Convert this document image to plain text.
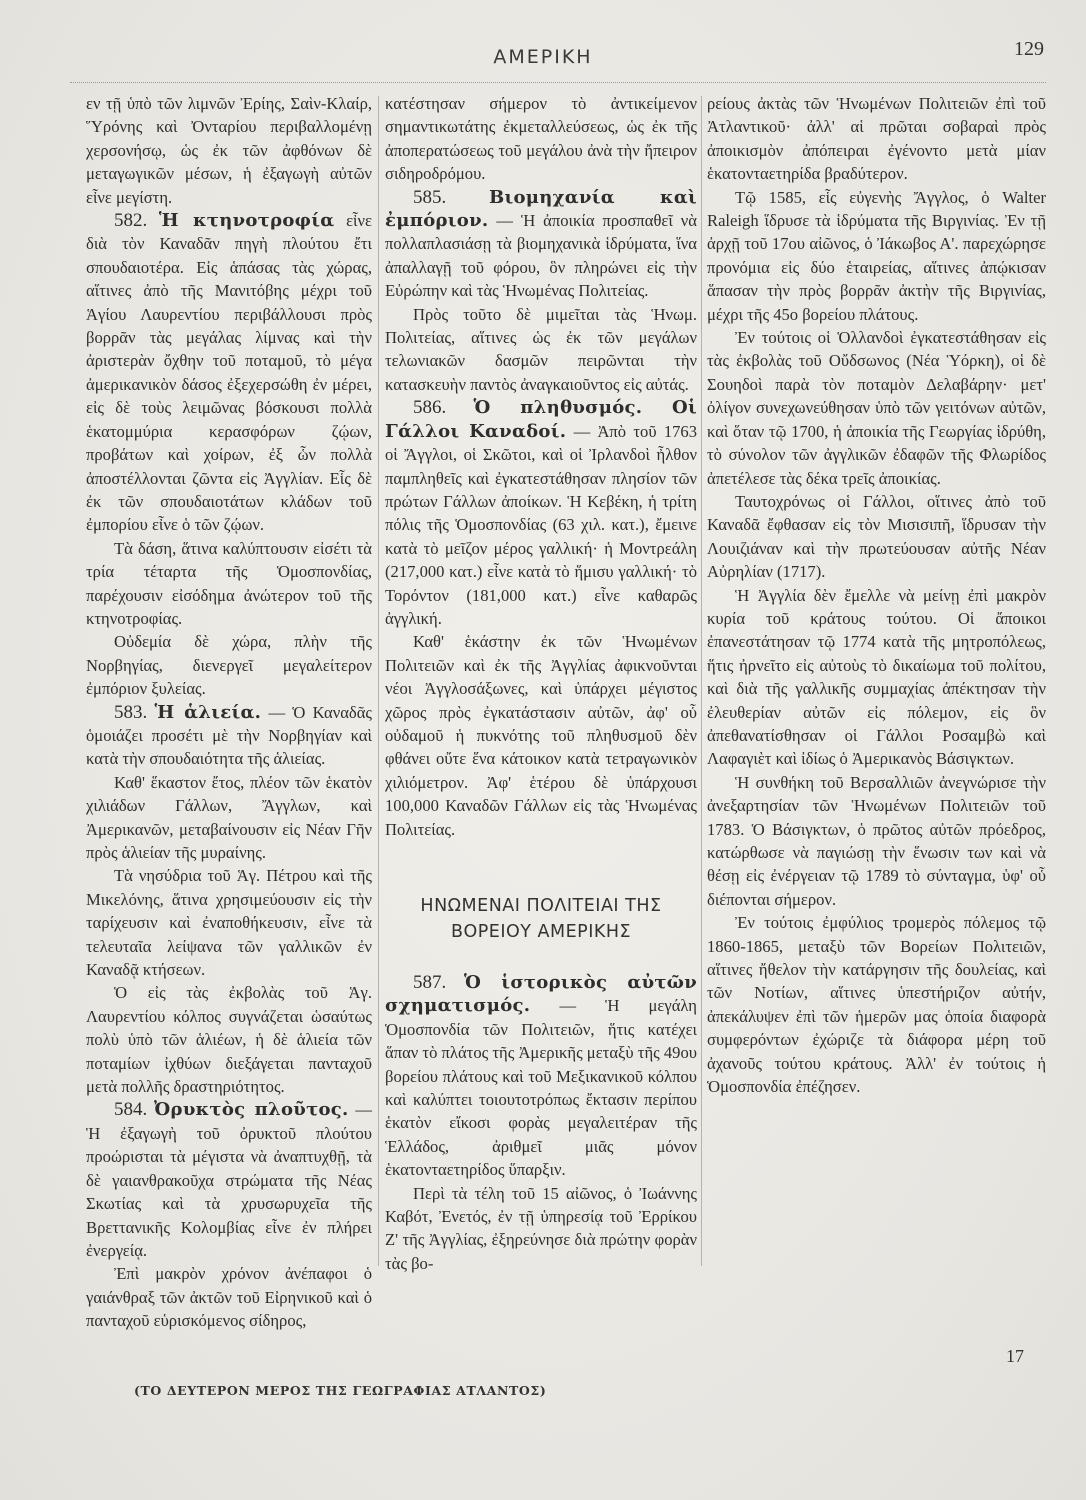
ΑΜΕΡΙΚΗ	129

εν τῇ ὑπὸ τῶν λιμνῶν Ἐρίης, Σαὶν-Κλαίρ, Ὕρόνης καὶ Ὀνταρίου περιβαλλομένῃ χερσονήσῳ, ὡς ἐκ τῶν ἀφθόνων δὲ μεταγωγικῶν μέσων, ἡ ἐξαγωγὴ αὐτῶν εἶνε μεγίστη.

582. Ἡ κτηνοτροφία εἶνε διὰ τὸν Καναδᾶν πηγὴ πλούτου ἔτι σπουδαιοτέρα. Εἰς ἁπάσας τὰς χώρας, αἵτινες ἀπὸ τῆς Μανιτόβης μέχρι τοῦ Ἁγίου Λαυρεντίου περιβάλλουσι πρὸς βορρᾶν τὰς μεγάλας λίμνας καὶ τὴν ἀριστερὰν ὄχθην τοῦ ποταμοῦ, τὸ μέγα ἀμερικανικὸν δάσος ἐξεχερσώθη ἐν μέρει, εἰς δὲ τοὺς λειμῶνας βόσκουσι πολλὰ ἑκατομμύρια κερασφόρων ζῴων, προβάτων καὶ χοίρων, ἐξ ὧν πολλὰ ἀποστέλλονται ζῶντα εἰς Ἀγγλίαν. Εἷς δὲ ἐκ τῶν σπουδαιοτάτων κλάδων τοῦ ἐμπορίου εἶνε ὁ τῶν ζῴων.

Τὰ δάση, ἅτινα καλύπτουσιν εἰσέτι τὰ τρία τέταρτα τῆς Ὁμοσπονδίας, παρέχουσιν εἰσόδημα ἀνώτερον τοῦ τῆς κτηνοτροφίας.

Οὐδεμία δὲ χώρα, πλὴν τῆς Νορβηγίας, διενεργεῖ μεγαλείτερον ἐμπόριον ξυλείας.

583. Ἡ ἁλιεία. — Ὁ Καναδᾶς ὁμοιάζει προσέτι μὲ τὴν Νορβηγίαν καὶ κατὰ τὴν σπουδαιότητα τῆς ἁλιείας.

Καθ' ἕκαστον ἔτος, πλέον τῶν ἑκατὸν χιλιάδων Γάλλων, Ἄγγλων, καὶ Ἀμερικανῶν, μεταβαίνουσιν εἰς Νέαν Γῆν πρὸς ἁλιείαν τῆς μυραίνης.

Τὰ νησύδρια τοῦ Ἁγ. Πέτρου καὶ τῆς Μικελόνης, ἅτινα χρησιμεύουσιν εἰς τὴν ταρίχευσιν καὶ ἐναποθήκευσιν, εἶνε τὰ τελευταῖα λείψανα τῶν γαλλικῶν ἐν Καναδᾷ κτήσεων.

Ὁ εἰς τὰς ἐκβολὰς τοῦ Ἁγ. Λαυρεντίου κόλπος συγνάζεται ὡσαύτως πολὺ ὑπὸ τῶν ἁλιέων, ἡ δὲ ἁλιεία τῶν ποταμίων ἰχθύων διεξάγεται πανταχοῦ μετὰ πολλῆς δραστηριότητος.

584. Ὀρυκτὸς πλοῦτος. — Ἡ ἐξαγωγὴ τοῦ ὀρυκτοῦ πλούτου προώρισται τὰ μέγιστα νὰ ἀναπτυχθῇ, τὰ δὲ γαιανθρακοῦχα στρώματα τῆς Νέας Σκωτίας καὶ τὰ χρυσωρυχεῖα τῆς Βρεττανικῆς Κολομβίας εἶνε ἐν πλήρει ἐνεργείᾳ.

Ἐπὶ μακρὸν χρόνον ἀνέπαφοι ὁ γαιάνθραξ τῶν ἀκτῶν τοῦ Εἰρηνικοῦ καὶ ὁ πανταχοῦ εὑρισκόμενος σίδηρος,

κατέστησαν σήμερον τὸ ἀντικείμενον σημαντικωτάτης ἐκμεταλλεύσεως, ὡς ἐκ τῆς ἀποπερατώσεως τοῦ μεγάλου ἀνὰ τὴν ἤπειρον σιδηροδρόμου.

585. Βιομηχανία καὶ ἐμπόριον. — Ἡ ἀποικία προσπαθεῖ νὰ πολλαπλασιάσῃ τὰ βιομηχανικὰ ἱδρύματα, ἵνα ἀπαλλαγῇ τοῦ φόρου, ὃν πληρώνει εἰς τὴν Εὐρώπην καὶ τὰς Ἡνωμένας Πολιτείας.

Πρὸς τοῦτο δὲ μιμεῖται τὰς Ἡνωμ. Πολιτείας, αἵτινες ὡς ἐκ τῶν μεγάλων τελωνιακῶν δασμῶν πειρῶνται τὴν κατασκευὴν παντὸς ἀναγκαιοῦντος εἰς αὐτάς.

586. Ὁ πληθυσμός. Οἱ Γάλλοι Καναδοί. — Ἀπὸ τοῦ 1763 οἱ Ἄγγλοι, οἱ Σκῶτοι, καὶ οἱ Ἰρλανδοὶ ἦλθον παμπληθεῖς καὶ ἐγκατεστάθησαν πλησίον τῶν πρώτων Γάλλων ἀποίκων. Ἡ Κεβέκη, ἡ τρίτη πόλις τῆς Ὁμοσπονδίας (63 χιλ. κατ.), ἔμεινε κατὰ τὸ μεῖζον μέρος γαλλική· ἡ Μοντρεάλη (217,000 κατ.) εἶνε κατὰ τὸ ἥμισυ γαλλική· τὸ Τορόντον (181,000 κατ.) εἶνε καθαρῶς ἀγγλική.

Καθ' ἑκάστην ἐκ τῶν Ἡνωμένων Πολιτειῶν καὶ ἐκ τῆς Ἀγγλίας ἀφικνοῦνται νέοι Ἀγγλοσάξωνες, καὶ ὑπάρχει μέγιστος χῶρος πρὸς ἐγκατάστασιν αὐτῶν, ἀφ' οὗ οὐδαμοῦ ἡ πυκνότης τοῦ πληθυσμοῦ δὲν φθάνει οὔτε ἕνα κάτοικον κατὰ τετραγωνικὸν χιλιόμετρον. Ἀφ' ἑτέρου δὲ ὑπάρχουσι 100,000 Καναδῶν Γάλλων εἰς τὰς Ἡνωμένας Πολιτείας.

ΗΝΩΜΕΝΑΙ ΠΟΛΙΤΕΙΑΙ ΤΗΣ
ΒΟΡΕΙΟΥ ΑΜΕΡΙΚΗΣ

587. Ὁ ἱστορικὸς αὐτῶν σχηματισμός. — Ἡ μεγάλη Ὁμοσπονδία τῶν Πολιτειῶν, ἥτις κατέχει ἅπαν τὸ πλάτος τῆς Ἀμερικῆς μεταξὺ τῆς 49ου βορείου πλάτους καὶ τοῦ Μεξικανικοῦ κόλπου καὶ καλύπτει τοιουτοτρόπως ἔκτασιν περίπου ἑκατὸν εἴκοσι φορὰς μεγαλειτέραν τῆς Ἑλλάδος, ἀριθμεῖ μιᾶς μόνον ἑκατονταετηρίδος ὕπαρξιν.

Περὶ τὰ τέλη τοῦ 15 αἰῶνος, ὁ Ἰωάννης Καβότ, Ἐνετός, ἐν τῇ ὑπηρεσίᾳ τοῦ Ἐρρίκου Ζ' τῆς Ἀγγλίας, ἐξηρεύνησε διὰ πρώτην φορὰν τὰς βο-

ρείους ἀκτὰς τῶν Ἡνωμένων Πολιτειῶν ἐπὶ τοῦ Ἀτλαντικοῦ· ἀλλ' αἱ πρῶται σοβαραὶ πρὸς ἀποικισμὸν ἀπόπειραι ἐγένοντο μετὰ μίαν ἑκατονταετηρίδα βραδύτερον.

Τῷ 1585, εἷς εὐγενὴς Ἄγγλος, ὁ Walter Raleigh ἵδρυσε τὰ ἱδρύματα τῆς Βιργινίας. Ἐν τῇ ἀρχῇ τοῦ 17ου αἰῶνος, ὁ Ἰάκωβος Α'. παρεχώρησε προνόμια εἰς δύο ἑταιρείας, αἵτινες ἀπῴκισαν ἅπασαν τὴν πρὸς βορρᾶν ἀκτὴν τῆς Βιργινίας, μέχρι τῆς 45ο βορείου πλάτους.

Ἐν τούτοις οἱ Ὁλλανδοὶ ἐγκατεστάθησαν εἰς τὰς ἐκβολὰς τοῦ Οὔδσωνος (Νέα Ὑόρκη), οἱ δὲ Σουηδοὶ παρὰ τὸν ποταμὸν Δελαβάρην· μετ' ὀλίγον συνεχωνεύθησαν ὑπὸ τῶν γειτόνων αὐτῶν, καὶ ὅταν τῷ 1700, ἡ ἀποικία τῆς Γεωργίας ἱδρύθη, τὸ σύνολον τῶν ἀγγλικῶν ἐδαφῶν τῆς Φλωρίδος ἀπετέλεσε τὰς δέκα τρεῖς ἀποικίας.

Ταυτοχρόνως οἱ Γάλλοι, οἵτινες ἀπὸ τοῦ Καναδᾶ ἔφθασαν εἰς τὸν Μισισιπῆ, ἵδρυσαν τὴν Λουιζιάναν καὶ τὴν πρωτεύουσαν αὐτῆς Νέαν Αὐρηλίαν (1717).

Ἡ Ἀγγλία δὲν ἔμελλε νὰ μείνῃ ἐπὶ μακρὸν κυρία τοῦ κράτους τούτου. Οἱ ἄποικοι ἐπανεστάτησαν τῷ 1774 κατὰ τῆς μητροπόλεως, ἥτις ἠρνεῖτο εἰς αὐτοὺς τὸ δικαίωμα τοῦ πολίτου, καὶ διὰ τῆς γαλλικῆς συμμαχίας ἀπέκτησαν τὴν ἐλευθερίαν αὐτῶν εἰς πόλεμον, εἰς ὃν ἀπεθανατίσθησαν οἱ Γάλλοι Ροσαμβὼ καὶ Λαφαγιὲτ καὶ ἰδίως ὁ Ἀμερικανὸς Βάσιγκτων.

Ἡ συνθήκη τοῦ Βερσαλλιῶν ἀνεγνώρισε τὴν ἀνεξαρτησίαν τῶν Ἡνωμένων Πολιτειῶν τοῦ 1783. Ὁ Βάσιγκτων, ὁ πρῶτος αὐτῶν πρόεδρος, κατώρθωσε νὰ παγιώσῃ τὴν ἕνωσιν των καὶ νὰ θέσῃ εἰς ἐνέργειαν τῷ 1789 τὸ σύνταγμα, ὑφ' οὗ διέπονται σήμερον.

Ἐν τούτοις ἐμφύλιος τρομερὸς πόλεμος τῷ 1860-1865, μεταξὺ τῶν Βορείων Πολιτειῶν, αἵτινες ἤθελον τὴν κατάργησιν τῆς δουλείας, καὶ τῶν Νοτίων, αἵτινες ὑπεστήριζον αὐτήν, ἀπεκάλυψεν ἐπὶ τῶν ἡμερῶν μας ὁποία διαφορὰ συμφερόντων ἐχώριζε τὰ διάφορα μέρη τοῦ ἀχανοῦς τούτου κράτους. Ἀλλ' ἐν τούτοις ἡ Ὁμοσπονδία ἐπέζησεν.

17
(ΤΟ ΔΕΥΤΕΡΟΝ ΜΕΡΟΣ ΤΗΣ ΓΕΩΓΡΑΦΙΑΣ ΑΤΛΑΝΤΟΣ)
